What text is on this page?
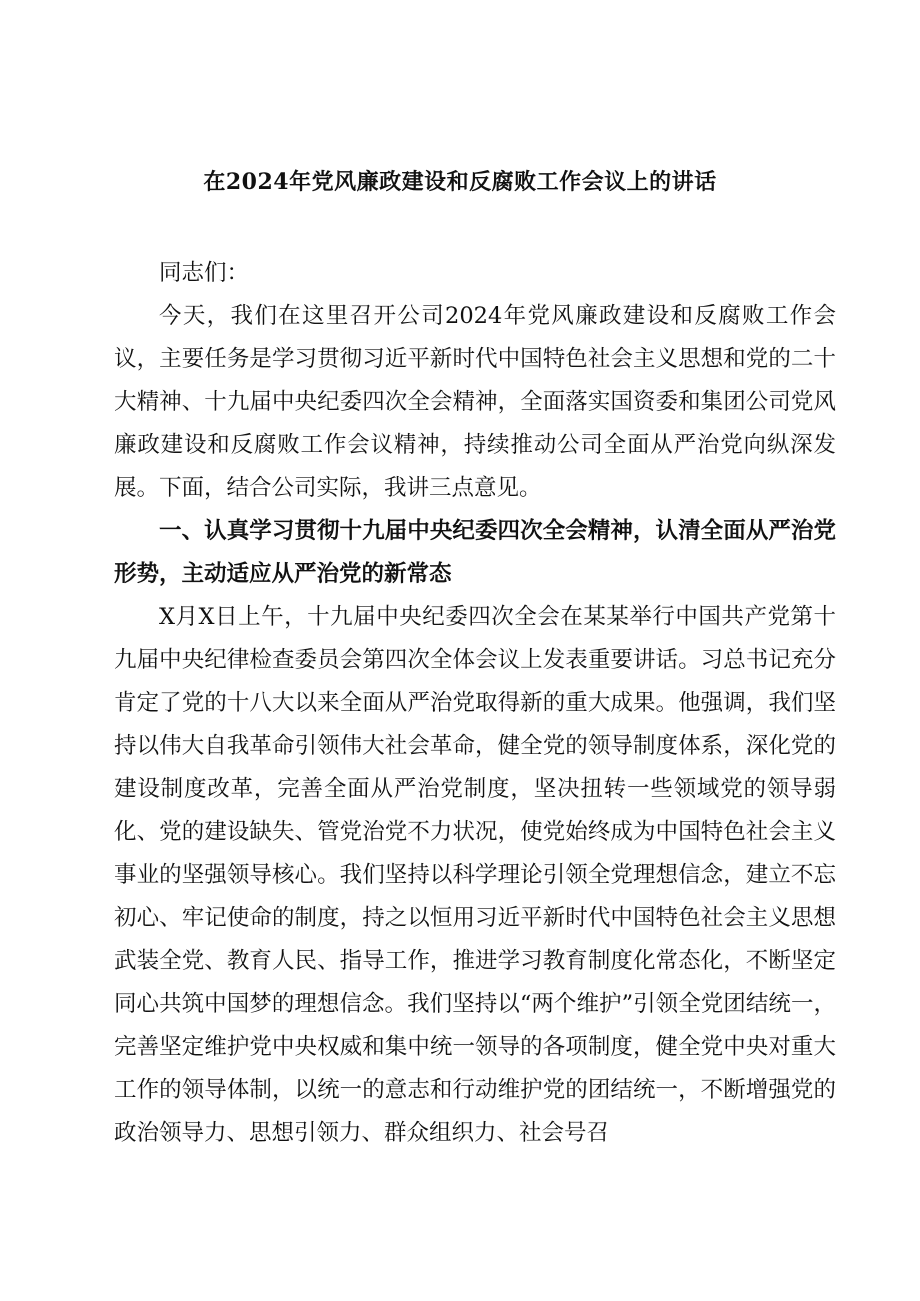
在2024年党风廉政建设和反腐败工作会议上的讲话

同志们：

今天，我们在这里召开公司2024年党风廉政建设和反腐败工作会议，主要任务是学习贯彻习近平新时代中国特色社会主义思想和党的二十大精神、十九届中央纪委四次全会精神，全面落实国资委和集团公司党风廉政建设和反腐败工作会议精神，持续推动公司全面从严治党向纵深发展。下面，结合公司实际，我讲三点意见。

一、认真学习贯彻十九届中央纪委四次全会精神，认清全面从严治党形势，主动适应从严治党的新常态

X月X日上午，十九届中央纪委四次全会在某某举行中国共产党第十九届中央纪律检查委员会第四次全体会议上发表重要讲话。习总书记充分肯定了党的十八大以来全面从严治党取得新的重大成果。他强调，我们坚持以伟大自我革命引领伟大社会革命，健全党的领导制度体系，深化党的建设制度改革，完善全面从严治党制度，坚决扭转一些领域党的领导弱化、党的建设缺失、管党治党不力状况，使党始终成为中国特色社会主义事业的坚强领导核心。我们坚持以科学理论引领全党理想信念，建立不忘初心、牢记使命的制度，持之以恒用习近平新时代中国特色社会主义思想武装全党、教育人民、指导工作，推进学习教育制度化常态化，不断坚定同心共筑中国梦的理想信念。我们坚持以“两个维护”引领全党团结统一，完善坚定维护党中央权威和集中统一领导的各项制度，健全党中央对重大工作的领导体制，以统一的意志和行动维护党的团结统一，不断增强党的政治领导力、思想引领力、群众组织力、社会号召
